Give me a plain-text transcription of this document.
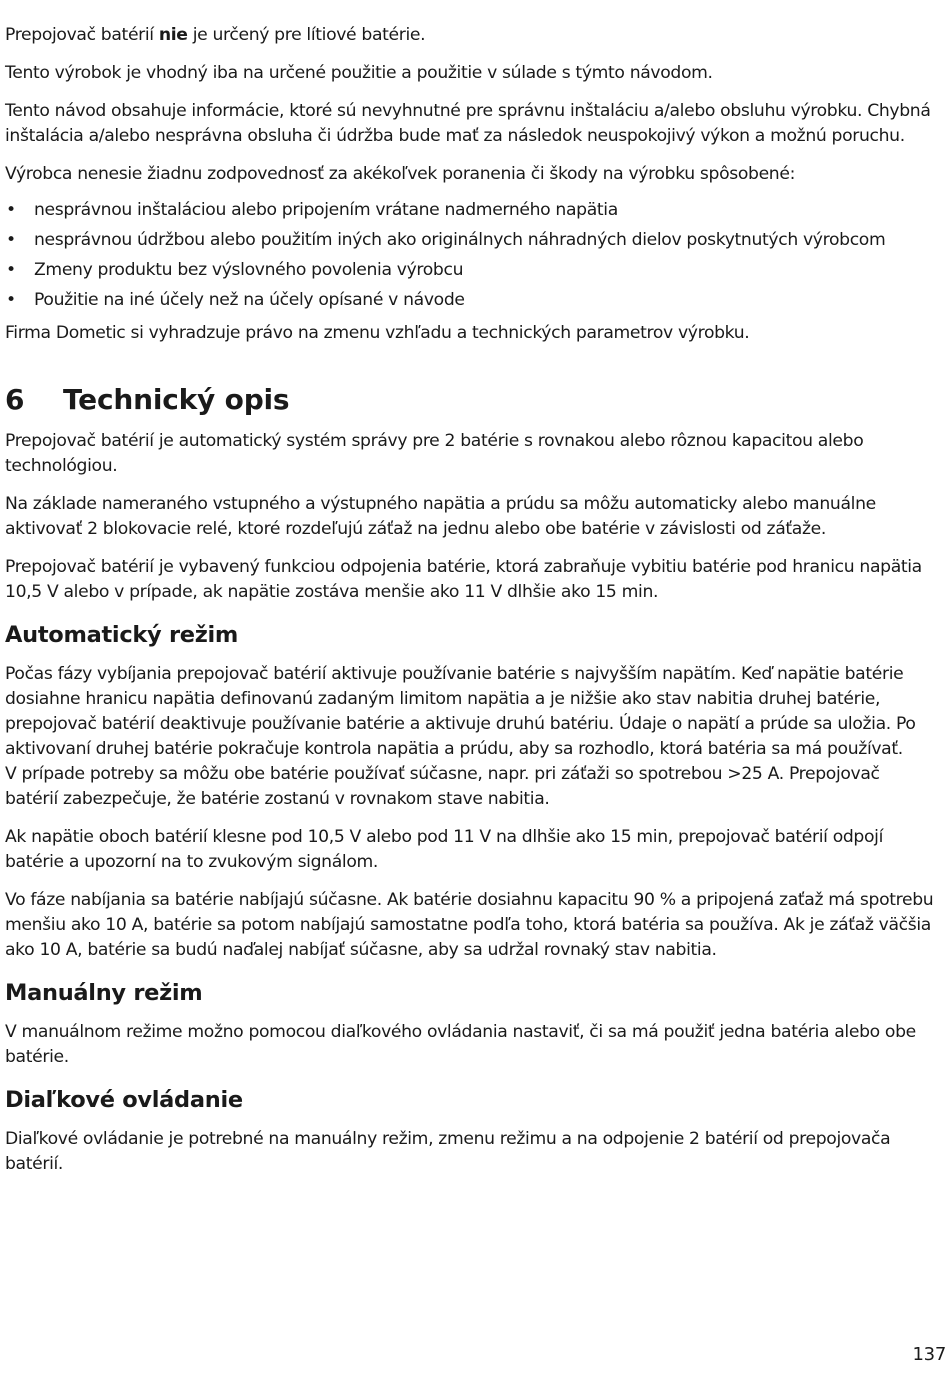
Prepojovač batérií nie je určený pre lítiové batérie.

Tento výrobok je vhodný iba na určené použitie a použitie v súlade s týmto návodom.

Tento návod obsahuje informácie, ktoré sú nevyhnutné pre správnu inštaláciu a/alebo obsluhu výrobku. Chybná
inštalácia a/alebo nesprávna obsluha či údržba bude mať za následok neuspokojivý výkon a možnú poruchu.

Výrobca nenesie žiadnu zodpovednosť za akékoľvek poranenia či škody na výrobku spôsobené:

• nesprávnou inštaláciou alebo pripojením vrátane nadmerného napätia
• nesprávnou údržbou alebo použitím iných ako originálnych náhradných dielov poskytnutých výrobcom
• Zmeny produktu bez výslovného povolenia výrobcu
• Použitie na iné účely než na účely opísané v návode

Firma Dometic si vyhradzuje právo na zmenu vzhľadu a technických parametrov výrobku.

6 Technický opis

Prepojovač batérií je automatický systém správy pre 2 batérie s rovnakou alebo rôznou kapacitou alebo
technológiou.

Na základe nameraného vstupného a výstupného napätia a prúdu sa môžu automaticky alebo manuálne
aktivovať 2 blokovacie relé, ktoré rozdeľujú záťaž na jednu alebo obe batérie v závislosti od záťaže.

Prepojovač batérií je vybavený funkciou odpojenia batérie, ktorá zabraňuje vybitiu batérie pod hranicu napätia
10,5 V alebo v prípade, ak napätie zostáva menšie ako 11 V dlhšie ako 15 min.

Automatický režim

Počas fázy vybíjania prepojovač batérií aktivuje používanie batérie s najvyšším napätím. Keď napätie batérie
dosiahne hranicu napätia definovanú zadaným limitom napätia a je nižšie ako stav nabitia druhej batérie,
prepojovač batérií deaktivuje používanie batérie a aktivuje druhú batériu. Údaje o napätí a prúde sa uložia. Po
aktivovaní druhej batérie pokračuje kontrola napätia a prúdu, aby sa rozhodlo, ktorá batéria sa má používať.
V prípade potreby sa môžu obe batérie používať súčasne, napr. pri záťaži so spotrebou >25 A. Prepojovač
batérií zabezpečuje, že batérie zostanú v rovnakom stave nabitia.

Ak napätie oboch batérií klesne pod 10,5 V alebo pod 11 V na dlhšie ako 15 min, prepojovač batérií odpojí
batérie a upozorní na to zvukovým signálom.

Vo fáze nabíjania sa batérie nabíjajú súčasne. Ak batérie dosiahnu kapacitu 90 % a pripojená zaťaž má spotrebu
menšiu ako 10 A, batérie sa potom nabíjajú samostatne podľa toho, ktorá batéria sa používa. Ak je záťaž väčšia
ako 10 A, batérie sa budú naďalej nabíjať súčasne, aby sa udržal rovnaký stav nabitia.

Manuálny režim

V manuálnom režime možno pomocou diaľkového ovládania nastaviť, či sa má použiť jedna batéria alebo obe
batérie.

Diaľkové ovládanie

Diaľkové ovládanie je potrebné na manuálny režim, zmenu režimu a na odpojenie 2 batérií od prepojovača
batérií.

137
